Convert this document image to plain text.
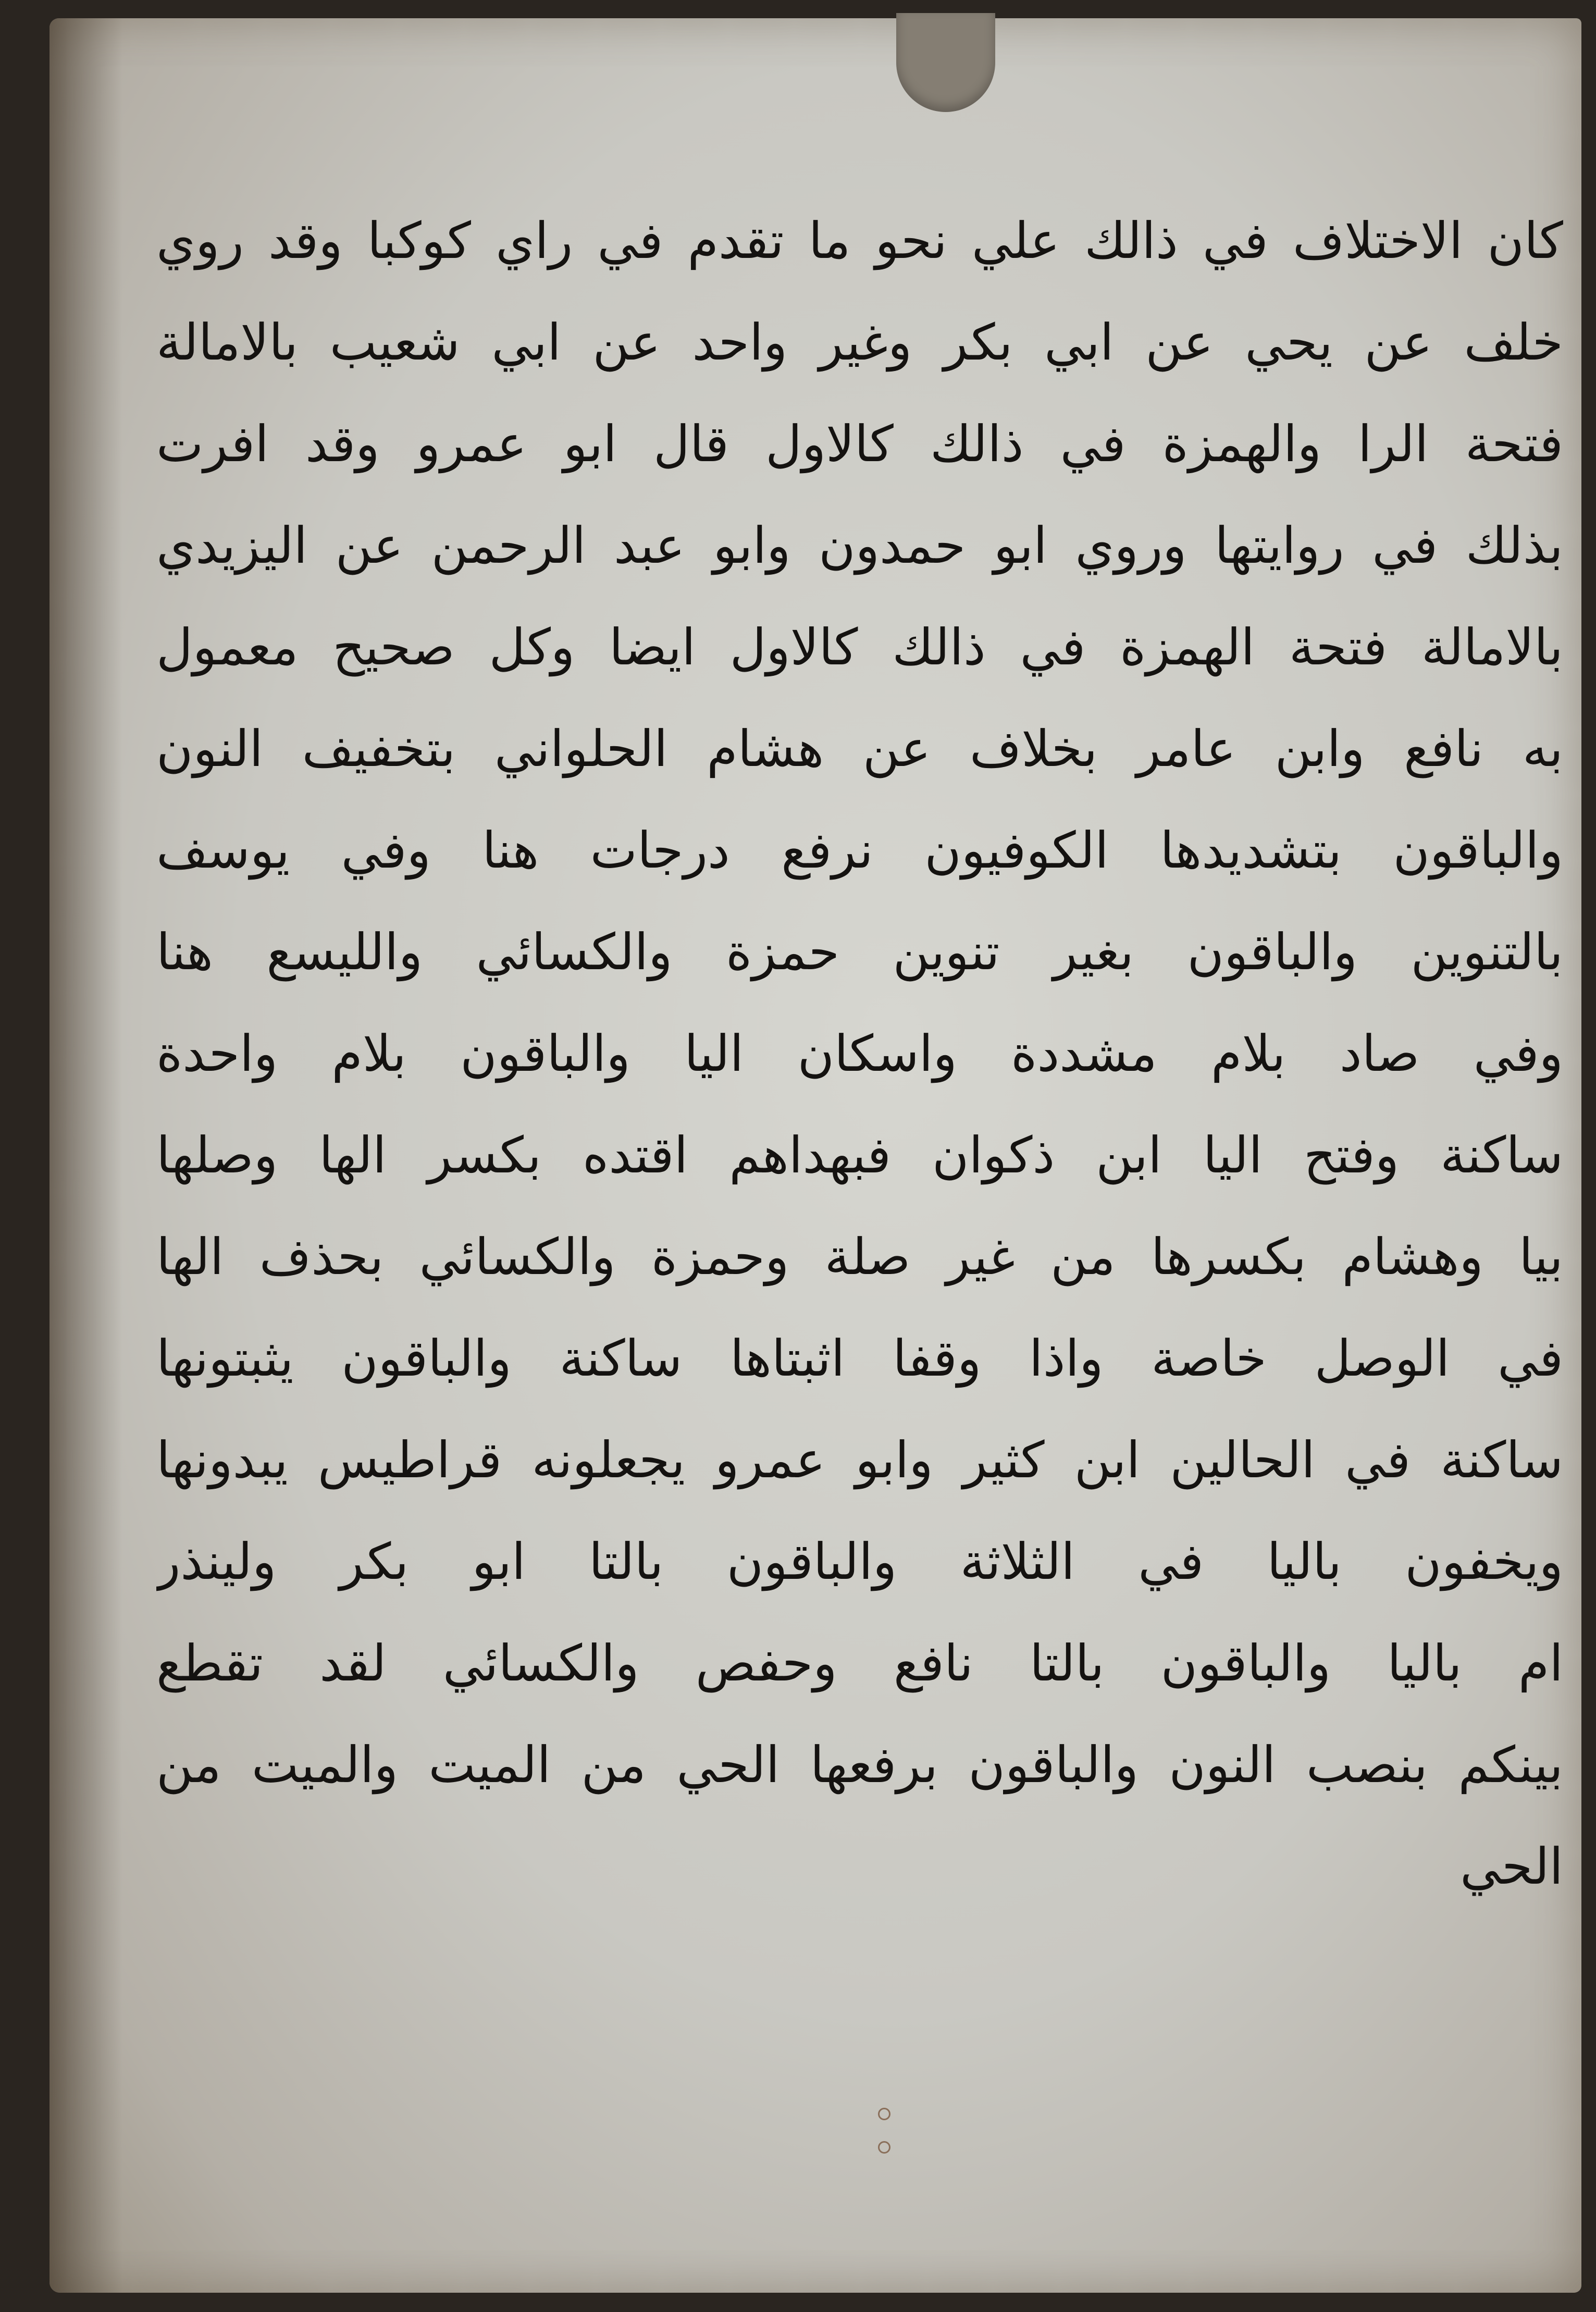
كان الاختلاف في ذالك علي نحو ما تقدم في راي كوكبا وقد روي
خلف عن يحي عن ابي بكر وغير واحد عن ابي شعيب بالامالة
فتحة الرا والهمزة في ذالك كالاول قال ابو عمرو وقد افرت
بذلك في روايتها وروي ابو حمدون وابو عبد الرحمن عن اليزيدي
بالامالة فتحة الهمزة في ذالك كالاول ايضا وكل صحيح معمول
به نافع وابن عامر بخلاف عن هشام الحلواني بتخفيف النون
والباقون بتشديدها الكوفيون نرفع درجات هنا وفي يوسف
بالتنوين والباقون بغير تنوين حمزة والكسائي والليسع هنا
وفي صاد بلام مشددة واسكان اليا والباقون بلام واحدة
ساكنة وفتح اليا ابن ذكوان فبهداهم اقتده بكسر الها وصلها
بيا وهشام بكسرها من غير صلة وحمزة والكسائي بحذف الها
في الوصل خاصة واذا وقفا اثبتاها ساكنة والباقون يثبتونها
ساكنة في الحالين ابن كثير وابو عمرو يجعلونه قراطيس يبدونها
ويخفون باليا في الثلاثة والباقون بالتا ابو بكر ولينذر
ام باليا والباقون بالتا نافع وحفص والكسائي لقد تقطع
بينكم بنصب النون والباقون برفعها الحي من الميت والميت من
الحي
